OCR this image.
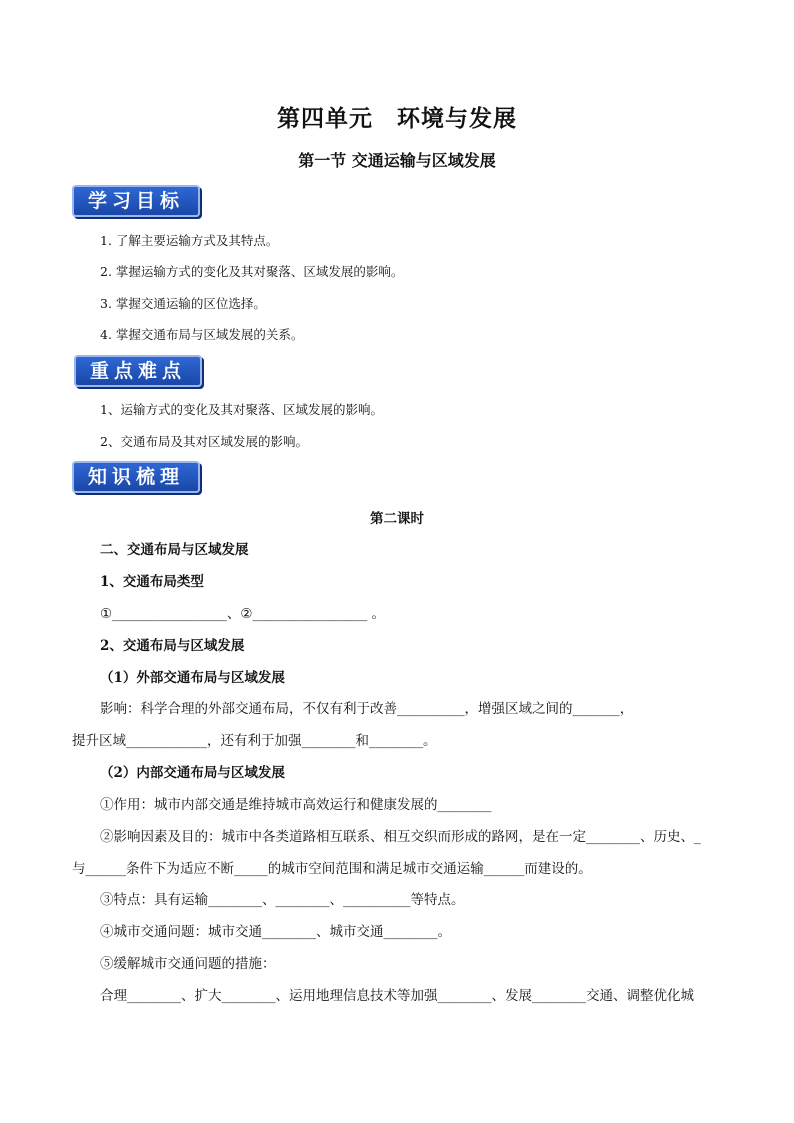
第四单元　环境与发展
第一节 交通运输与区域发展
学习目标
1. 了解主要运输方式及其特点。
2. 掌握运输方式的变化及其对聚落、区域发展的影响。
3. 掌握交通运输的区位选择。
4. 掌握交通布局与区域发展的关系。
重点难点
1、运输方式的变化及其对聚落、区域发展的影响。
2、交通布局及其对区域发展的影响。
知识梳理
第二课时
二、交通布局与区域发展
1、交通布局类型
①_________________、②_________________ 。
2、交通布局与区域发展
（1）外部交通布局与区域发展
影响：科学合理的外部交通布局，不仅有利于改善__________，增强区域之间的_______，
提升区域____________，还有利于加强________和________。
（2）内部交通布局与区域发展
①作用：城市内部交通是维持城市高效运行和健康发展的________
②影响因素及目的：城市中各类道路相互联系、相互交织而形成的路网，是在一定________、历史、_
与______条件下为适应不断_____的城市空间范围和满足城市交通运输______而建设的。
③特点：具有运输________、________、__________等特点。
④城市交通问题：城市交通________、城市交通________。
⑤缓解城市交通问题的措施：
合理________、扩大________、运用地理信息技术等加强________、发展________交通、调整优化城
